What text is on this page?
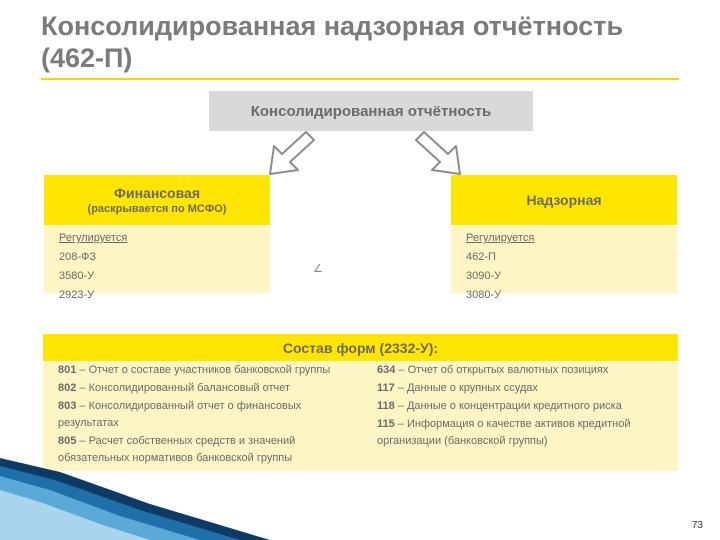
Консолидированная надзорная отчётность (462-П)
Консолидированная отчётность
Финансовая
(раскрывается по МСФО)
Регулируется
208-ФЗ
3580-У
2923-У
Надзорная
Регулируется
462-П
3090-У
3080-У
∠
Состав форм (2332-У):
801 – Отчет о составе участников банковской группы
802 – Консолидированный балансовый отчет
803 – Консолидированный отчет о финансовых результатах
805 – Расчет собственных средств и значений обязательных нормативов банковской группы
634 – Отчет об открытых валютных позициях
117 – Данные о крупных ссудах
118 – Данные о концентрации кредитного риска
115 – Информация о качестве активов кредитной организации (банковской группы)
73
